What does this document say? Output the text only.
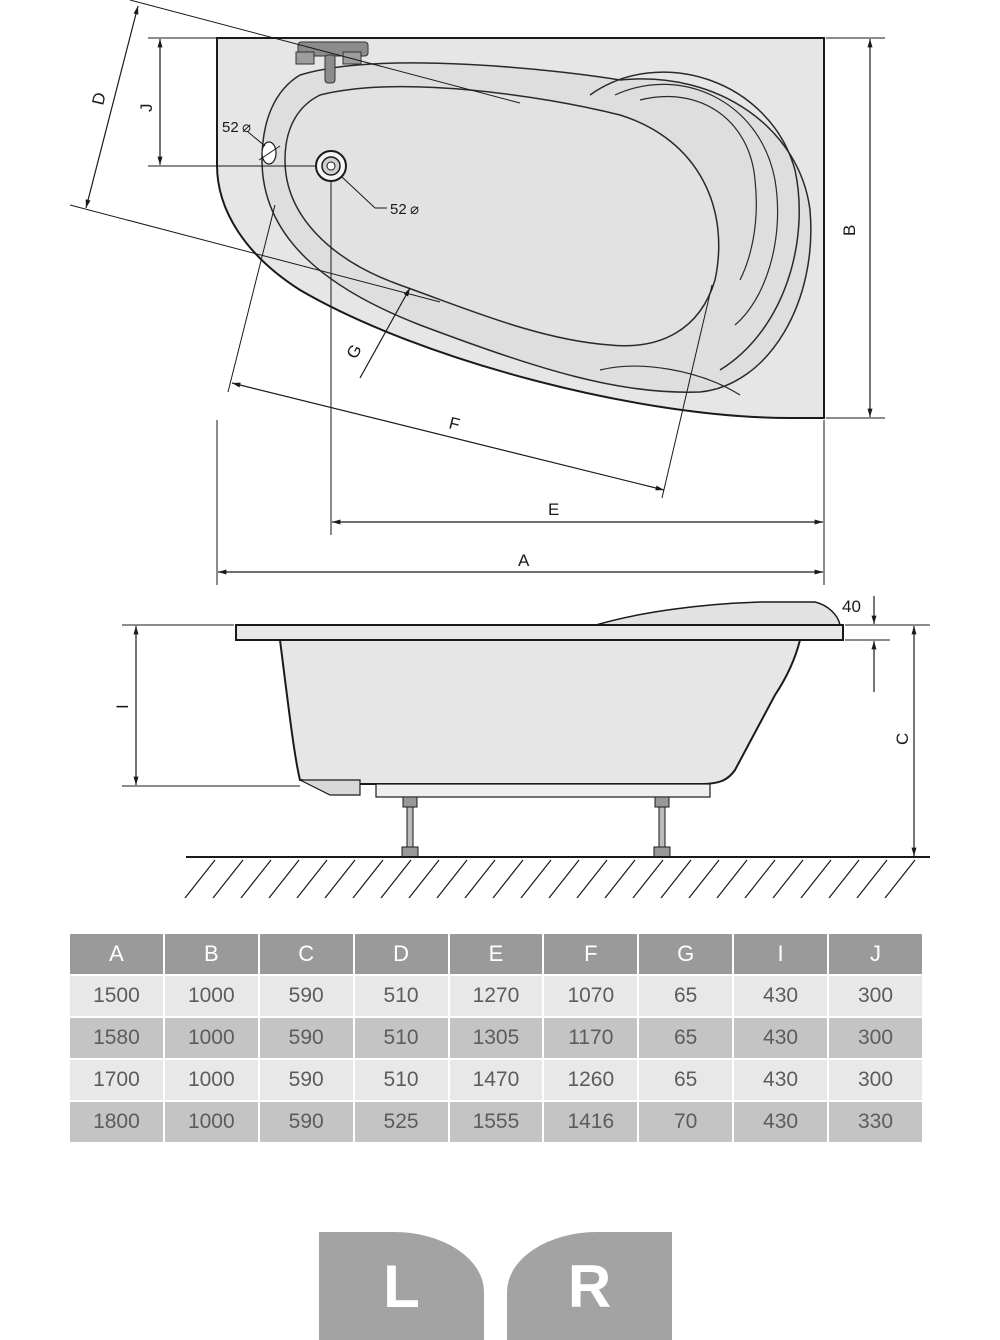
52 ⌀
52 ⌀
A
E
B
J
D
F
G
I
C
40
A	B	C	D	E	F	G	I	J
1500	1000	590	510	1270	1070	65	430	300
1580	1000	590	510	1305	1170	65	430	300
1700	1000	590	510	1470	1260	65	430	300
1800	1000	590	525	1555	1416	70	430	330
L	R
